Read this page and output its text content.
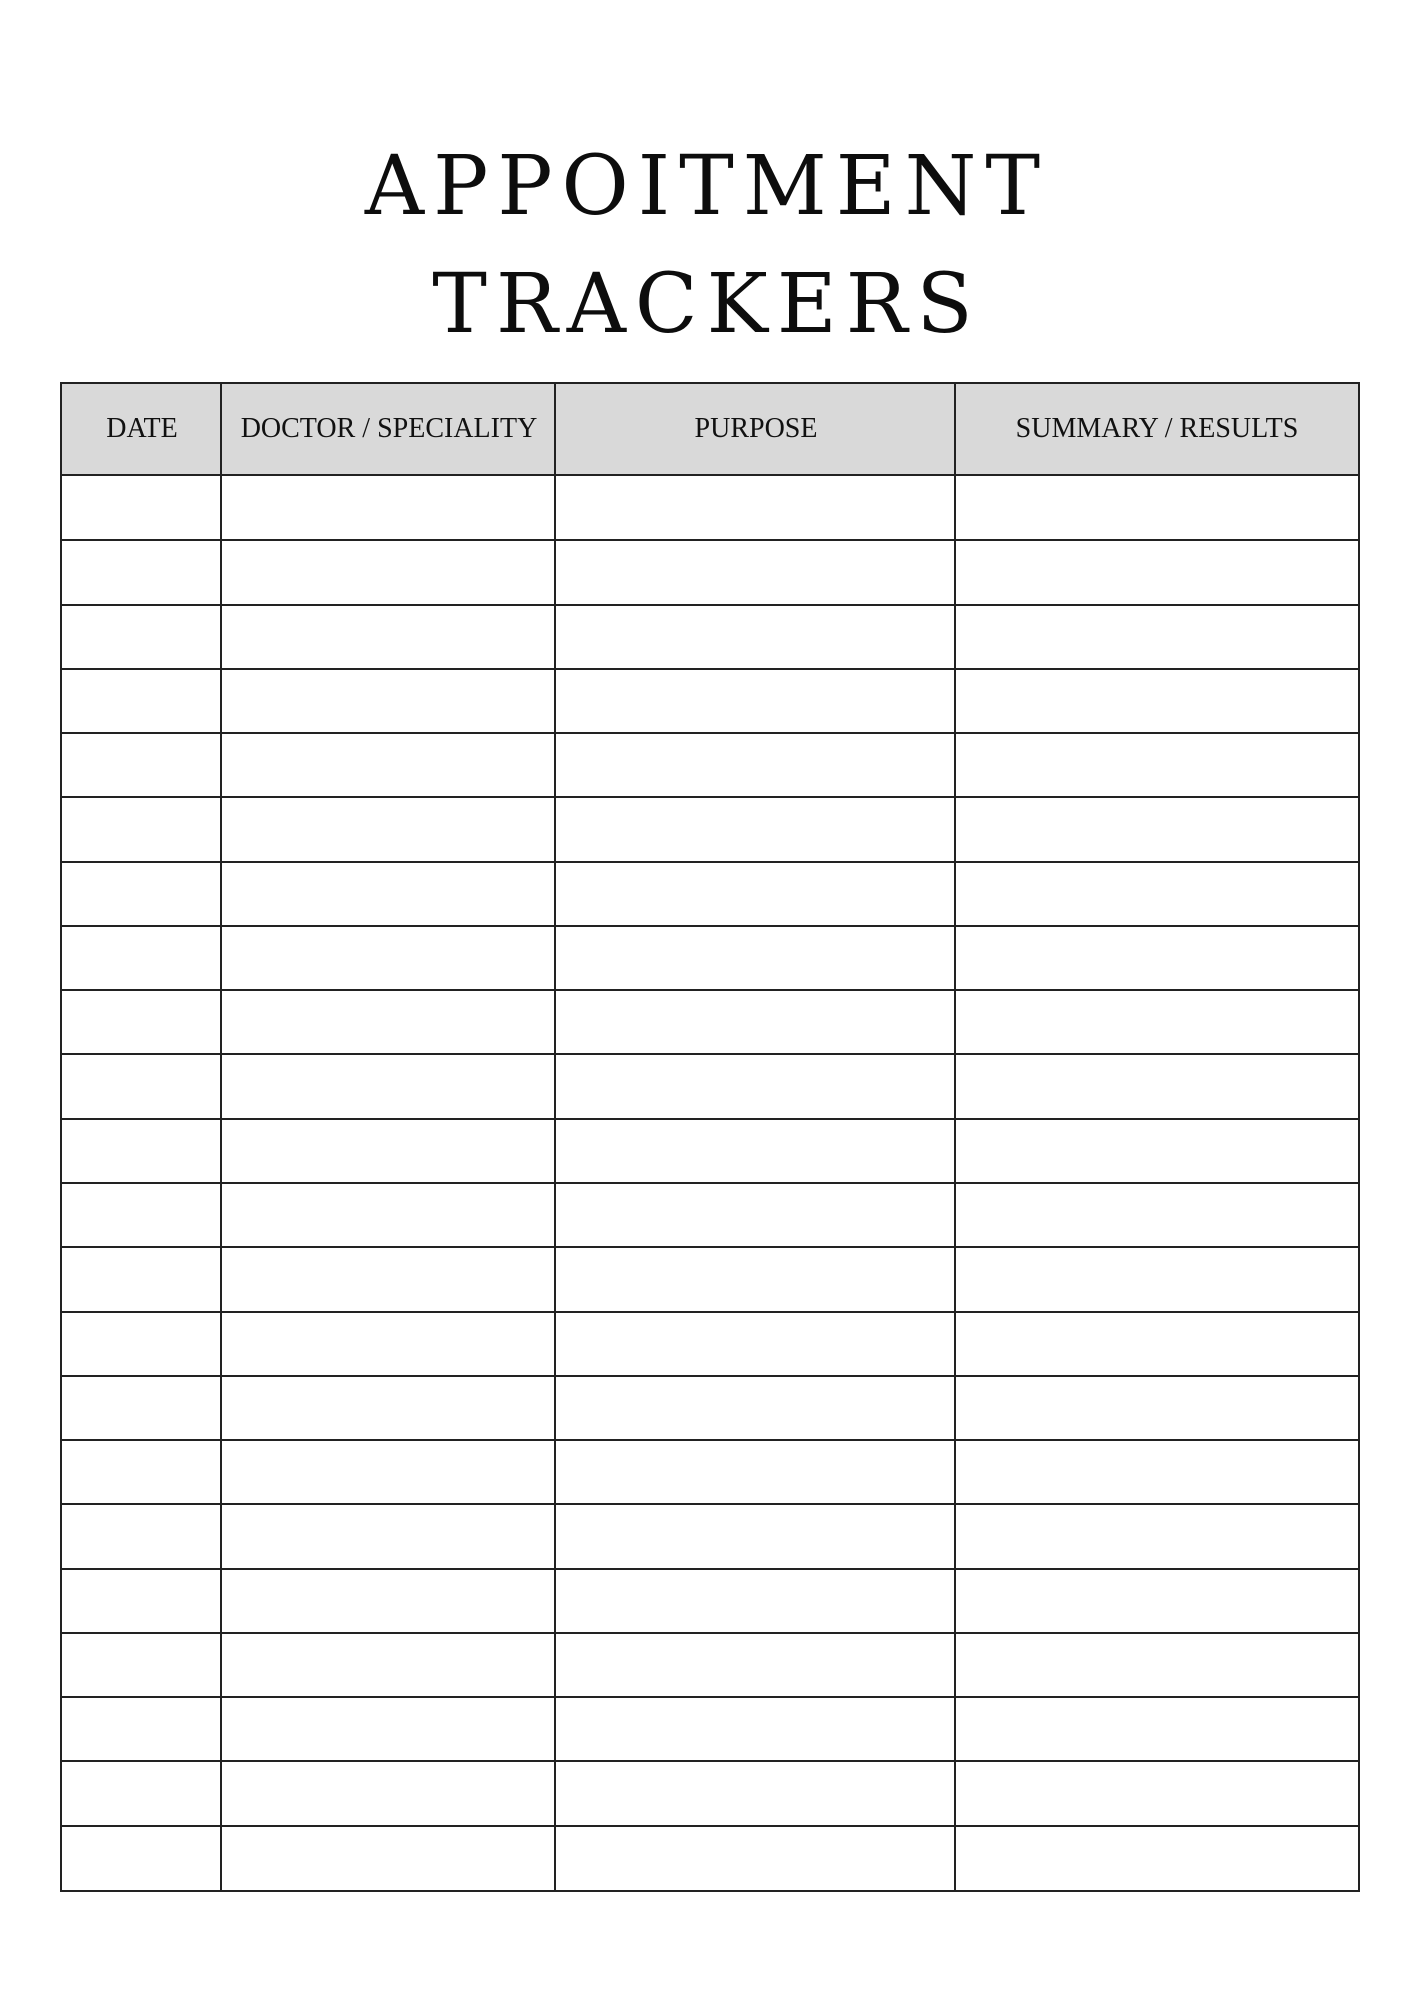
APPOITMENT
TRACKERS
DATE	DOCTOR / SPECIALITY	PURPOSE	SUMMARY / RESULTS
